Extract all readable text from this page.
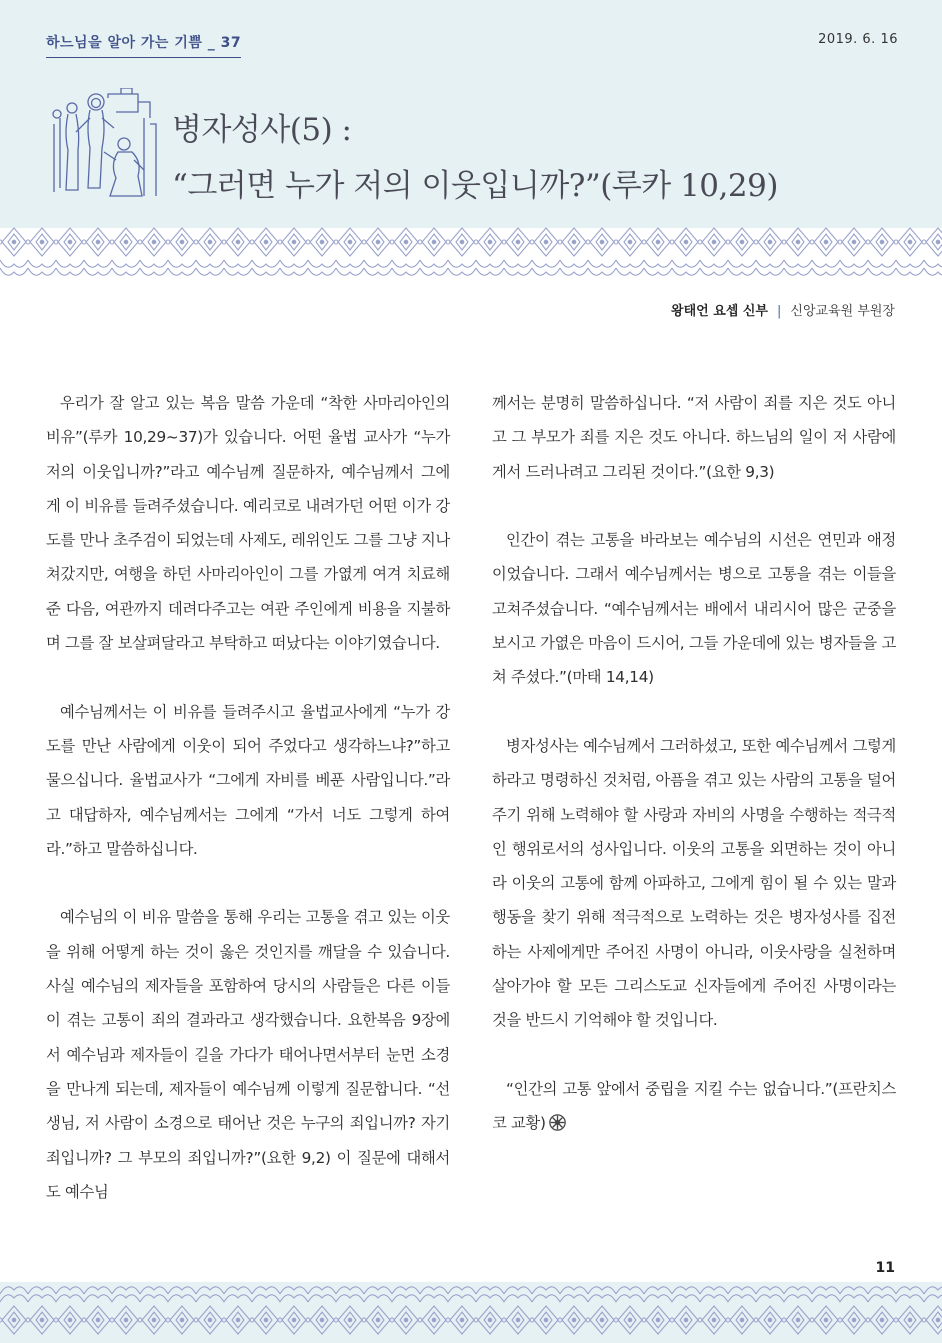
하느님을 알아 가는 기쁨 _ 37	2019. 6. 16
병자성사(5) :
“그러면 누가 저의 이웃입니까?”(루카 10,29)
왕태언 요셉 신부 | 신앙교육원 부원장

우리가 잘 알고 있는 복음 말씀 가운데 “착한 사마리아인의 비유”(루카 10,29~37)가 있습니다. 어떤 율법 교사가 “누가 저의 이웃입니까?”라고 예수님께 질문하자, 예수님께서 그에게 이 비유를 들려주셨습니다. 예리코로 내려가던 어떤 이가 강도를 만나 초주검이 되었는데 사제도, 레위인도 그를 그냥 지나쳐갔지만, 여행을 하던 사마리아인이 그를 가엾게 여겨 치료해준 다음, 여관까지 데려다주고는 여관 주인에게 비용을 지불하며 그를 잘 보살펴달라고 부탁하고 떠났다는 이야기였습니다.

예수님께서는 이 비유를 들려주시고 율법교사에게 “누가 강도를 만난 사람에게 이웃이 되어 주었다고 생각하느냐?”하고 물으십니다. 율법교사가 “그에게 자비를 베푼 사람입니다.”라고 대답하자, 예수님께서는 그에게 “가서 너도 그렇게 하여라.”하고 말씀하십니다.

예수님의 이 비유 말씀을 통해 우리는 고통을 겪고 있는 이웃을 위해 어떻게 하는 것이 옳은 것인지를 깨달을 수 있습니다. 사실 예수님의 제자들을 포함하여 당시의 사람들은 다른 이들이 겪는 고통이 죄의 결과라고 생각했습니다. 요한복음 9장에서 예수님과 제자들이 길을 가다가 태어나면서부터 눈먼 소경을 만나게 되는데, 제자들이 예수님께 이렇게 질문합니다. “선생님, 저 사람이 소경으로 태어난 것은 누구의 죄입니까? 자기 죄입니까? 그 부모의 죄입니까?”(요한 9,2) 이 질문에 대해서도 예수님

께서는 분명히 말씀하십니다. “저 사람이 죄를 지은 것도 아니고 그 부모가 죄를 지은 것도 아니다. 하느님의 일이 저 사람에게서 드러나려고 그리된 것이다.”(요한 9,3)

인간이 겪는 고통을 바라보는 예수님의 시선은 연민과 애정이었습니다. 그래서 예수님께서는 병으로 고통을 겪는 이들을 고쳐주셨습니다. “예수님께서는 배에서 내리시어 많은 군중을 보시고 가엾은 마음이 드시어, 그들 가운데에 있는 병자들을 고쳐 주셨다.”(마태 14,14)

병자성사는 예수님께서 그러하셨고, 또한 예수님께서 그렇게 하라고 명령하신 것처럼, 아픔을 겪고 있는 사람의 고통을 덜어주기 위해 노력해야 할 사랑과 자비의 사명을 수행하는 적극적인 행위로서의 성사입니다. 이웃의 고통을 외면하는 것이 아니라 이웃의 고통에 함께 아파하고, 그에게 힘이 될 수 있는 말과 행동을 찾기 위해 적극적으로 노력하는 것은 병자성사를 집전하는 사제에게만 주어진 사명이 아니라, 이웃사랑을 실천하며 살아가야 할 모든 그리스도교 신자들에게 주어진 사명이라는 것을 반드시 기억해야 할 것입니다.

“인간의 고통 앞에서 중립을 지킬 수는 없습니다.”(프란치스코 교황)

11
